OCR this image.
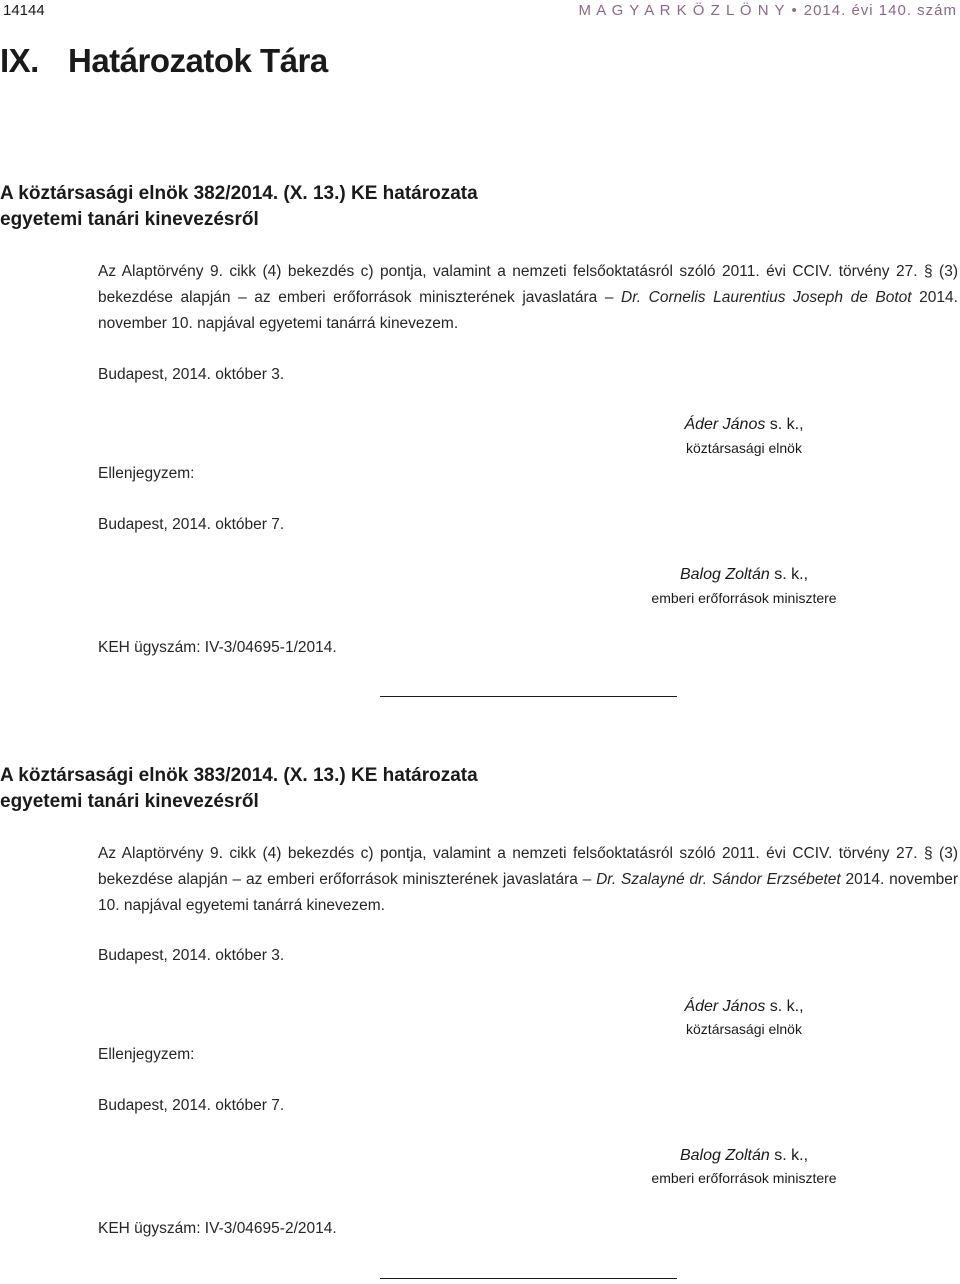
14144	M A G Y A R K Ö Z L Ö N Y • 2014. évi 140. szám
IX. Határozatok Tára
A köztársasági elnök 382/2014. (X. 13.) KE határozata
egyetemi tanári kinevezésről

Az Alaptörvény 9. cikk (4) bekezdés c) pontja, valamint a nemzeti felsőoktatásról szóló 2011. évi CCIV. törvény 27. § (3) bekezdése alapján – az emberi erőforrások miniszterének javaslatára – Dr. Cornelis Laurentius Joseph de Botot 2014. november 10. napjával egyetemi tanárrá kinevezem.

Budapest, 2014. október 3.
Áder János s. k.,
köztársasági elnök
Ellenjegyzem:
Budapest, 2014. október 7.
Balog Zoltán s. k.,
emberi erőforrások minisztere
KEH ügyszám: IV-3/04695-1/2014.
A köztársasági elnök 383/2014. (X. 13.) KE határozata
egyetemi tanári kinevezésről

Az Alaptörvény 9. cikk (4) bekezdés c) pontja, valamint a nemzeti felsőoktatásról szóló 2011. évi CCIV. törvény 27. § (3) bekezdése alapján – az emberi erőforrások miniszterének javaslatára – Dr. Szalayné dr. Sándor Erzsébetet 2014. november 10. napjával egyetemi tanárrá kinevezem.

Budapest, 2014. október 3.
Áder János s. k.,
köztársasági elnök
Ellenjegyzem:
Budapest, 2014. október 7.
Balog Zoltán s. k.,
emberi erőforrások minisztere
KEH ügyszám: IV-3/04695-2/2014.
